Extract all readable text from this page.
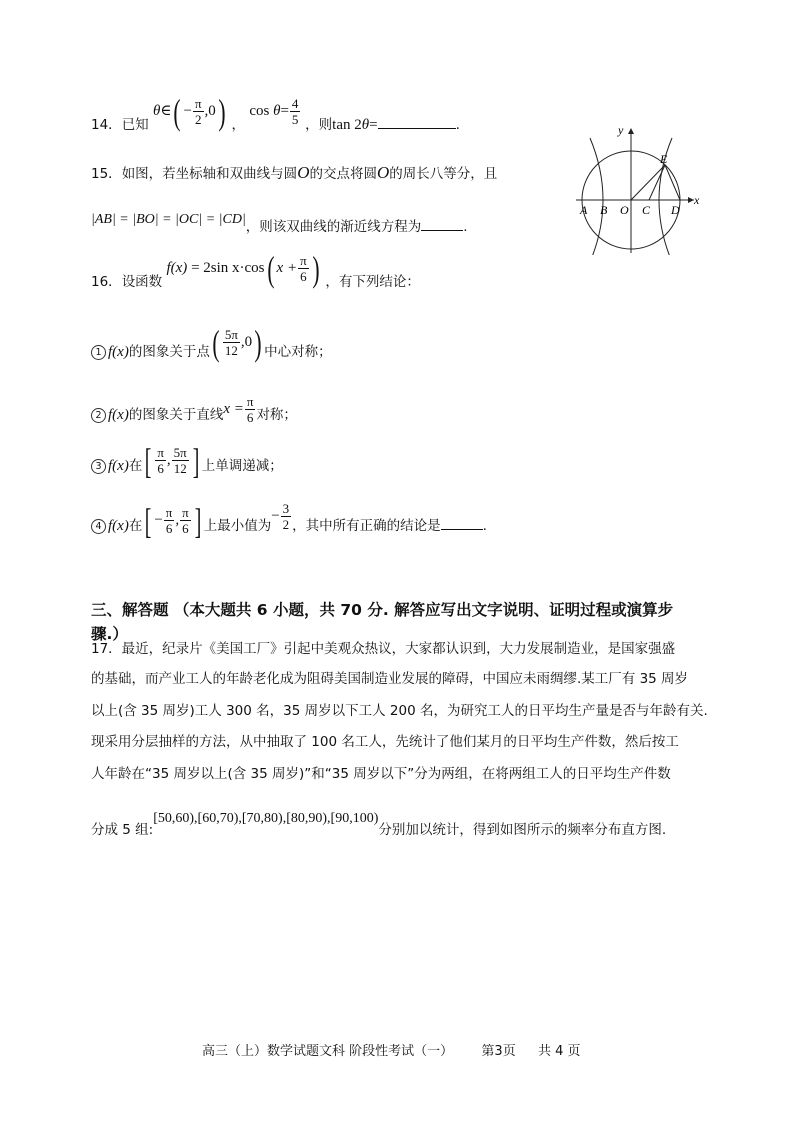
14．已知 θ∈( − $\frac{\pi}{2} ,0$) ， $\cos \theta= \frac{4}{5}$ ，则tan 2θ=	.
15．如图，若坐标轴和双曲线与圆O的交点将圆O的周长八等分，且
|AB| = |BO| = |OC| = |CD|，则该双曲线的渐近线方程为	.
y
x
E
A B O C D
16．设函数 f(x) = 2sin x·cos( $x + \frac{\pi}{6}$ ) ，有下列结论：
1 f(x)的图象关于点( $\frac{5\pi}{12} ,0$) 中心对称；
2 f(x)的图象关于直线$x = \frac{\pi}{6}$ 对称；
3 f(x)在[ $\frac{\pi}{6}$ , $\frac{5\pi}{12}$ ] 上单调递减；
4 f(x)在[ − $\frac{\pi}{6}$ , $\frac{\pi}{6}$ ] 上最小值为− $\frac{3}{2}$ ，其中所有正确的结论是	.
三、解答题 （本大题共 6 小题，共 70 分. 解答应写出文字说明、证明过程或演算步
骤.）
17．最近，纪录片《美国工厂》引起中美观众热议，大家都认识到，大力发展制造业，是国家强盛
的基础，而产业工人的年龄老化成为阻碍美国制造业发展的障碍，中国应未雨绸缪.某工厂有 35 周岁
以上(含 35 周岁)工人 300 名，35 周岁以下工人 200 名，为研究工人的日平均生产量是否与年龄有关.
现采用分层抽样的方法，从中抽取了 100 名工人，先统计了他们某月的日平均生产件数，然后按工
人年龄在“35 周岁以上(含 35 周岁)”和“35 周岁以下”分为两组，在将两组工人的日平均生产件数
分成 5 组:[50,60),[60,70),[70,80),[80,90),[90,100)分别加以统计，得到如图所示的频率分布直方图.
高三（上）数学试题文科 阶段性考试（一） 第3页 共 4 页
